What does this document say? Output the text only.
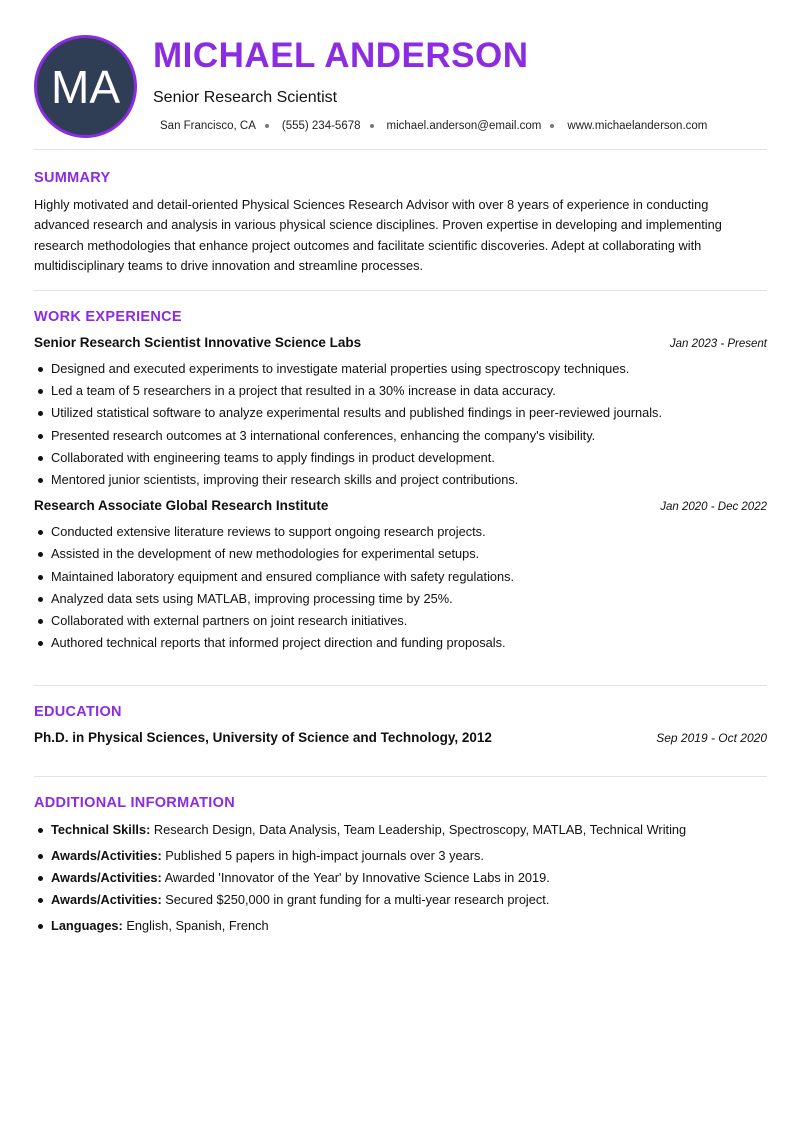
MA
MICHAEL ANDERSON
Senior Research Scientist
San Francisco, CA (555) 234-5678 michael.anderson@email.com www.michaelanderson.com
SUMMARY

Highly motivated and detail-oriented Physical Sciences Research Advisor with over 8 years of experience in conducting advanced research and analysis in various physical science disciplines. Proven expertise in developing and implementing research methodologies that enhance project outcomes and facilitate scientific discoveries. Adept at collaborating with multidisciplinary teams to drive innovation and streamline processes.

WORK EXPERIENCE
Senior Research Scientist Innovative Science Labs	Jan 2023 - Present
Designed and executed experiments to investigate material properties using spectroscopy techniques.
Led a team of 5 researchers in a project that resulted in a 30% increase in data accuracy.
Utilized statistical software to analyze experimental results and published findings in peer-reviewed journals.
Presented research outcomes at 3 international conferences, enhancing the company's visibility.
Collaborated with engineering teams to apply findings in product development.
Mentored junior scientists, improving their research skills and project contributions.
Research Associate Global Research Institute	Jan 2020 - Dec 2022
Conducted extensive literature reviews to support ongoing research projects.
Assisted in the development of new methodologies for experimental setups.
Maintained laboratory equipment and ensured compliance with safety regulations.
Analyzed data sets using MATLAB, improving processing time by 25%.
Collaborated with external partners on joint research initiatives.
Authored technical reports that informed project direction and funding proposals.
EDUCATION
Ph.D. in Physical Sciences, University of Science and Technology, 2012	Sep 2019 - Oct 2020
ADDITIONAL INFORMATION
Technical Skills: Research Design, Data Analysis, Team Leadership, Spectroscopy, MATLAB, Technical Writing
Awards/Activities: Published 5 papers in high-impact journals over 3 years.
Awards/Activities: Awarded 'Innovator of the Year' by Innovative Science Labs in 2019.
Awards/Activities: Secured $250,000 in grant funding for a multi-year research project.
Languages: English, Spanish, French
